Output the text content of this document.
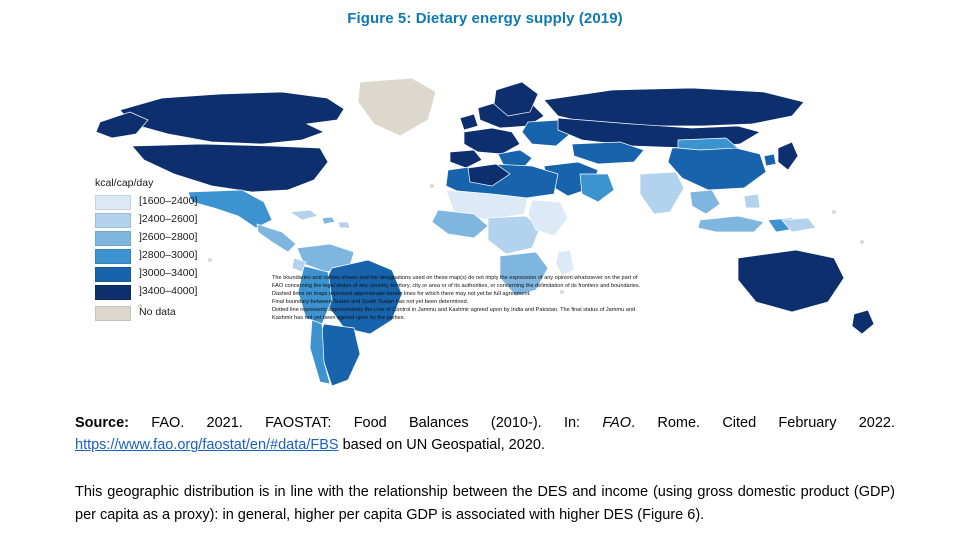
Figure 5: Dietary energy supply (2019)
kcal/cap/day
[1600–2400]
]2400–2600]
]2600–2800]
]2800–3000]
]3000–3400]
]3400–4000]
No data
The boundaries and names shown and the designations used on these map(s) do not imply the expression of any opinion whatsoever on the part of
FAO concerning the legal status of any country, territory, city or area or of its authorities, or concerning the delimitation of its frontiers and boundaries.
Dashed lines on maps represent approximate border lines for which there may not yet be full agreement.
Final boundary between Sudan and South Sudan has not yet been determined.
Dotted line represents approximately the Line of Control in Jammu and Kashmir agreed upon by India and Pakistan. The final status of Jammu and
Kashmir has not yet been agreed upon by the parties.
Source: FAO. 2021. FAOSTAT: Food Balances (2010-). In: FAO. Rome. Cited February 2022. https://www.fao.org/faostat/en/#data/FBS based on UN Geospatial, 2020.
This geographic distribution is in line with the relationship between the DES and income (using gross domestic product (GDP) per capita as a proxy): in general, higher per capita GDP is associated with higher DES (Figure 6).
